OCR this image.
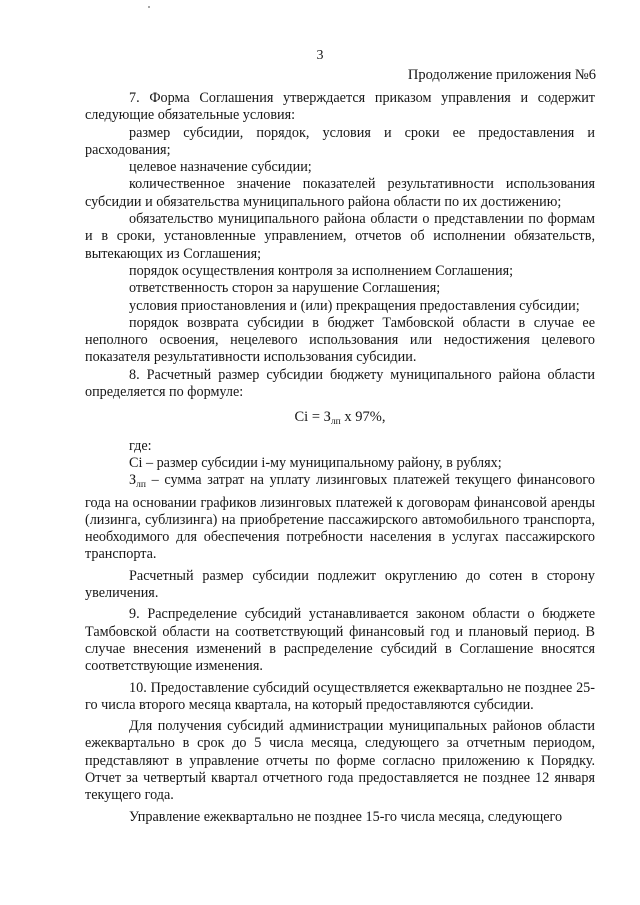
3
Продолжение приложения №6

7. Форма Соглашения утверждается приказом управления и содержит следующие обязательные условия:

размер субсидии, порядок, условия и сроки ее предоставления и расходования;

целевое назначение субсидии;

количественное значение показателей результативности использования субсидии и обязательства муниципального района области по их достижению;

обязательство муниципального района области о представлении по формам и в сроки, установленные управлением, отчетов об исполнении обязательств, вытекающих из Соглашения;

порядок осуществления контроля за исполнением Соглашения;

ответственность сторон за нарушение Соглашения;

условия приостановления и (или) прекращения предоставления субсидии;

порядок возврата субсидии в бюджет Тамбовской области в случае ее неполного освоения, нецелевого использования или недостижения целевого показателя результативности использования субсидии.

8. Расчетный размер субсидии бюджету муниципального района области определяется по формуле:

Сi = $З_{лп}$ х 97%,

где:

Сi – размер субсидии i-му муниципальному району, в рублях;

$З_{лп}$ – сумма затрат на уплату лизинговых платежей текущего финансового года на основании графиков лизинговых платежей к договорам финансовой аренды (лизинга, сублизинга) на приобретение пассажирского автомобильного транспорта, необходимого для обеспечения потребности населения в услугах пассажирского транспорта.

Расчетный размер субсидии подлежит округлению до сотен в сторону увеличения.

9. Распределение субсидий устанавливается законом области о бюджете Тамбовской области на соответствующий финансовый год и плановый период. В случае внесения изменений в распределение субсидий в Соглашение вносятся соответствующие изменения.

10. Предоставление субсидий осуществляется ежеквартально не позднее 25-го числа второго месяца квартала, на который предоставляются субсидии.

Для получения субсидий администрации муниципальных районов области ежеквартально в срок до 5 числа месяца, следующего за отчетным периодом, представляют в управление отчеты по форме согласно приложению к Порядку. Отчет за четвертый квартал отчетного года предоставляется не позднее 12 января текущего года.

Управление ежеквартально не позднее 15-го числа месяца, следующего
